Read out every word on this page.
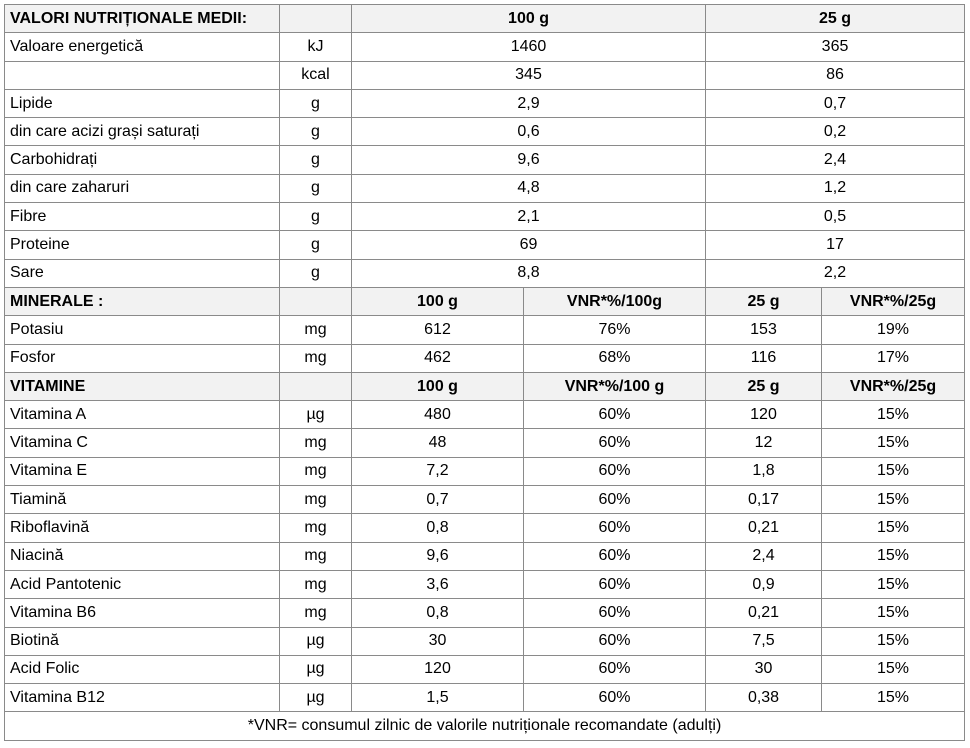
VALORI NUTRIȚIONALE MEDII:		100 g		25 g	
Valoare energetică	kJ	1460		365	
	kcal	345		86	
Lipide	g	2,9		0,7	
din care acizi grași saturați	g	0,6		0,2	
Carbohidrați	g	9,6		2,4	
din care zaharuri	g	4,8		1,2	
Fibre	g	2,1		0,5	
Proteine	g	69		17	
Sare	g	8,8		2,2	
MINERALE :		100 g	VNR*%/100g	25 g	VNR*%/25g
Potasiu	mg	612	76%	153	19%
Fosfor	mg	462	68%	116	17%
VITAMINE		100 g	VNR*%/100 g	25 g	VNR*%/25g
Vitamina A	µg	480	60%	120	15%
Vitamina C	mg	48	60%	12	15%
Vitamina E	mg	7,2	60%	1,8	15%
Tiamină	mg	0,7	60%	0,17	15%
Riboflavină	mg	0,8	60%	0,21	15%
Niacină	mg	9,6	60%	2,4	15%
Acid Pantotenic	mg	3,6	60%	0,9	15%
Vitamina B6	mg	0,8	60%	0,21	15%
Biotină	µg	30	60%	7,5	15%
Acid Folic	µg	120	60%	30	15%
Vitamina B12	µg	1,5	60%	0,38	15%
*VNR= consumul zilnic de valorile nutriționale recomandate (adulți)					
